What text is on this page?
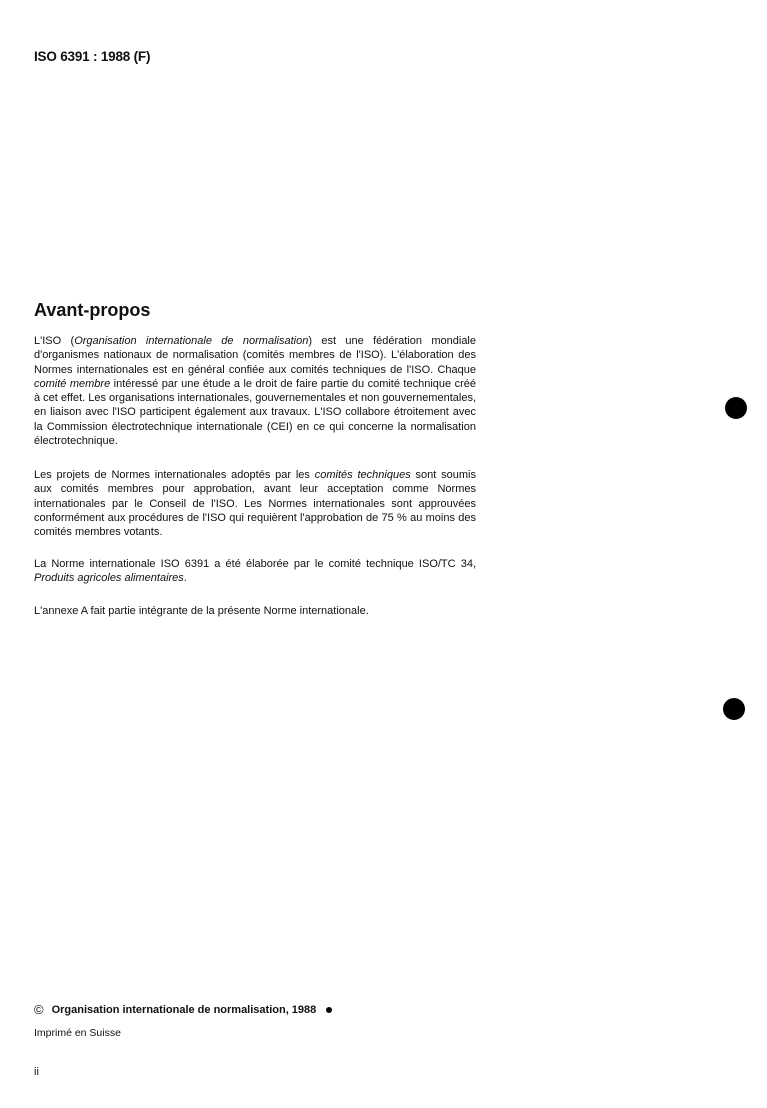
ISO 6391 : 1988 (F)
Avant-propos

L'ISO (Organisation internationale de normalisation) est une fédération mondiale d'organismes nationaux de normalisation (comités membres de l'ISO). L'élaboration des Normes internationales est en général confiée aux comités techniques de l'ISO. Chaque comité membre intéressé par une étude a le droit de faire partie du comité technique créé à cet effet. Les organisations internationales, gouvernementales et non gouvernementales, en liaison avec l'ISO participent également aux travaux. L'ISO collabore étroitement avec la Commission électrotechnique internationale (CEI) en ce qui concerne la normalisation électrotechnique.

Les projets de Normes internationales adoptés par les comités techniques sont soumis aux comités membres pour approbation, avant leur acceptation comme Normes internationales par le Conseil de l'ISO. Les Normes internationales sont approuvées conformément aux procédures de l'ISO qui requièrent l'approbation de 75 % au moins des comités membres votants.

La Norme internationale ISO 6391 a été élaborée par le comité technique ISO/TC 34, Produits agricoles alimentaires.

L'annexe A fait partie intégrante de la présente Norme internationale.

© Organisation internationale de normalisation, 1988
Imprimé en Suisse
ii
